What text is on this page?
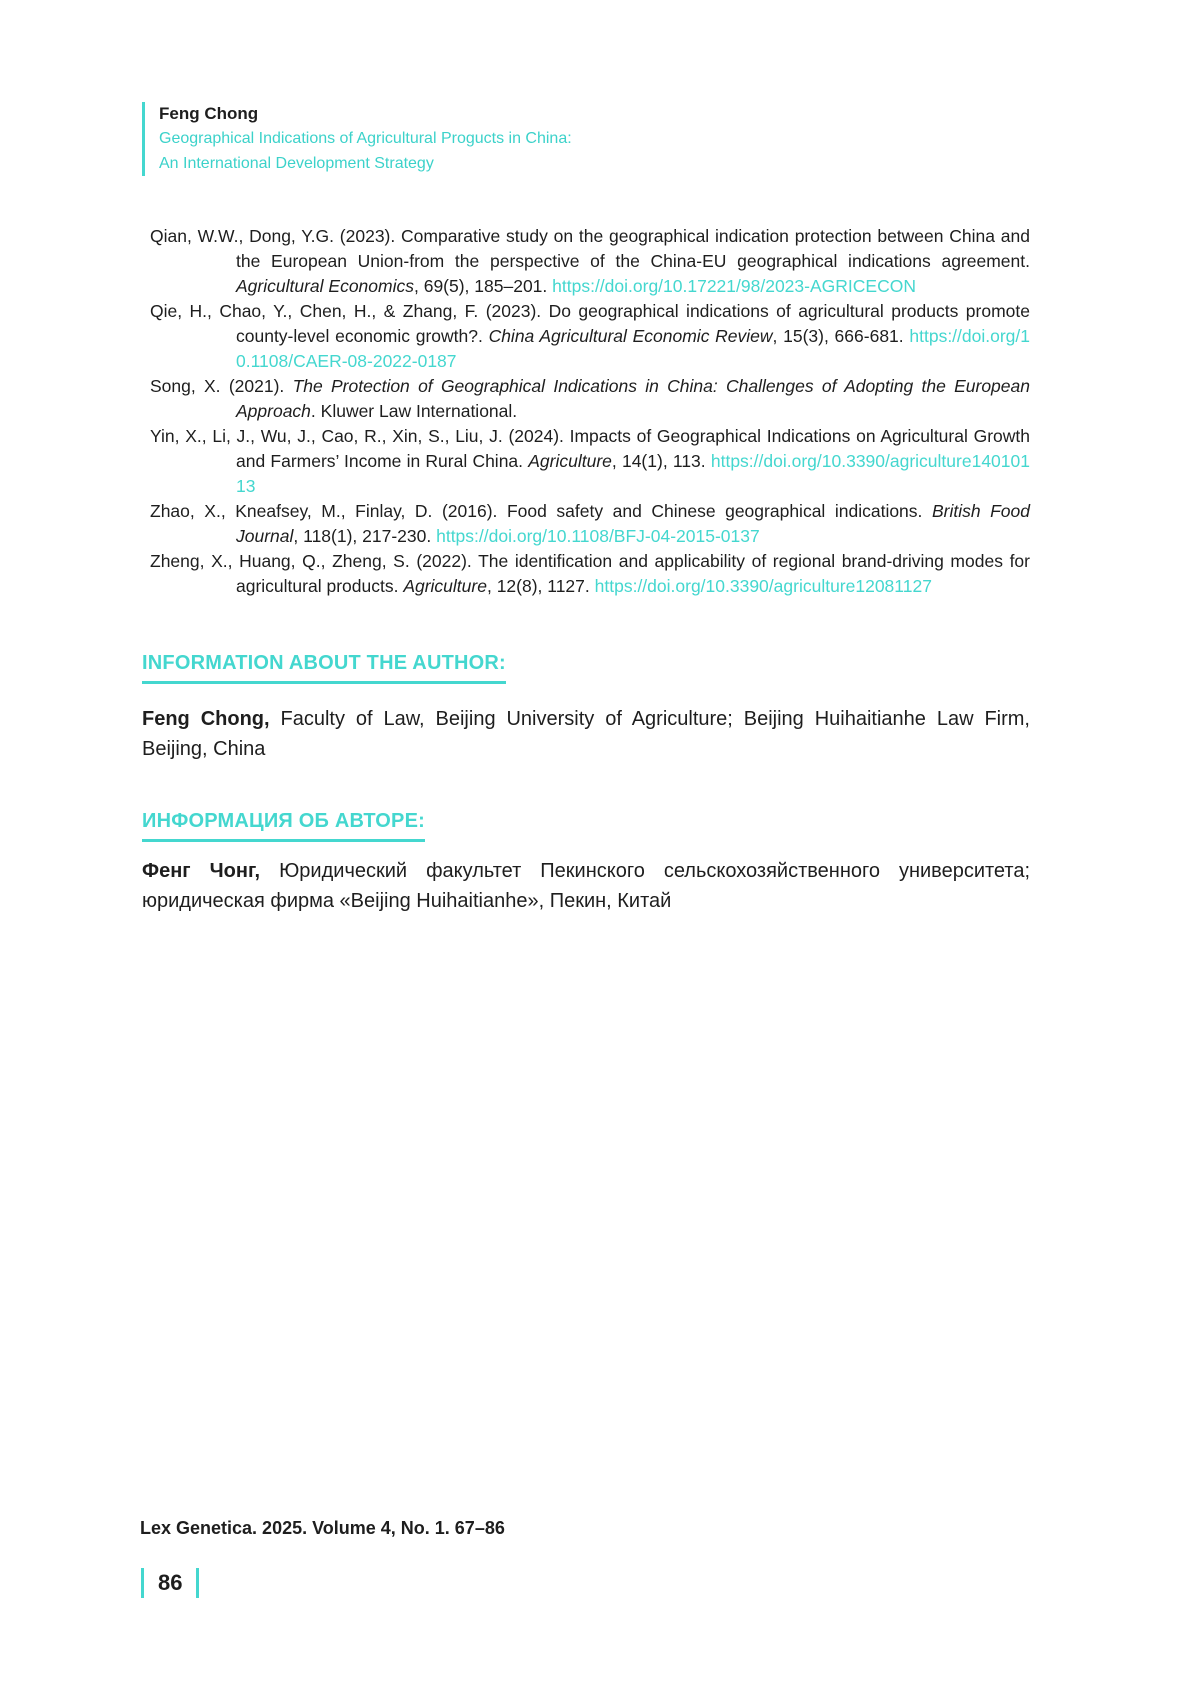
Feng Chong
Geographical Indications of Agricultural Progucts in China:
An International Development Strategy
Qian, W.W., Dong, Y.G. (2023). Comparative study on the geographical indication protection between China and the European Union-from the perspective of the China-EU geographical indications agreement. Agricultural Economics, 69(5), 185–201. https://doi.org/10.17221/98/2023-AGRICECON
Qie, H., Chao, Y., Chen, H., & Zhang, F. (2023). Do geographical indications of agricultural products promote county-level economic growth?. China Agricultural Economic Review, 15(3), 666-681. https://doi.org/10.1108/CAER-08-2022-0187
Song, X. (2021). The Protection of Geographical Indications in China: Challenges of Adopting the European Approach. Kluwer Law International.
Yin, X., Li, J., Wu, J., Cao, R., Xin, S., Liu, J. (2024). Impacts of Geographical Indications on Agricultural Growth and Farmers’ Income in Rural China. Agriculture, 14(1), 113. https://doi.org/10.3390/agriculture14010113
Zhao, X., Kneafsey, M., Finlay, D. (2016). Food safety and Chinese geographical indications. British Food Journal, 118(1), 217-230. https://doi.org/10.1108/BFJ-04-2015-0137
Zheng, X., Huang, Q., Zheng, S. (2022). The identification and applicability of regional brand-driving modes for agricultural products. Agriculture, 12(8), 1127. https://doi.org/10.3390/agriculture12081127
INFORMATION ABOUT THE AUTHOR:
Feng Chong, Faculty of Law, Beijing University of Agriculture; Beijing Huihaitianhe Law Firm, Beijing, China
ИНФОРМАЦИЯ ОБ АВТОРЕ:
Фенг Чонг, Юридический факультет Пекинского сельскохозяйственного университета; юридическая фирма «Beijing Huihaitianhe», Пекин, Китай
Lex Genetica. 2025. Volume 4, No. 1. 67–86
86
